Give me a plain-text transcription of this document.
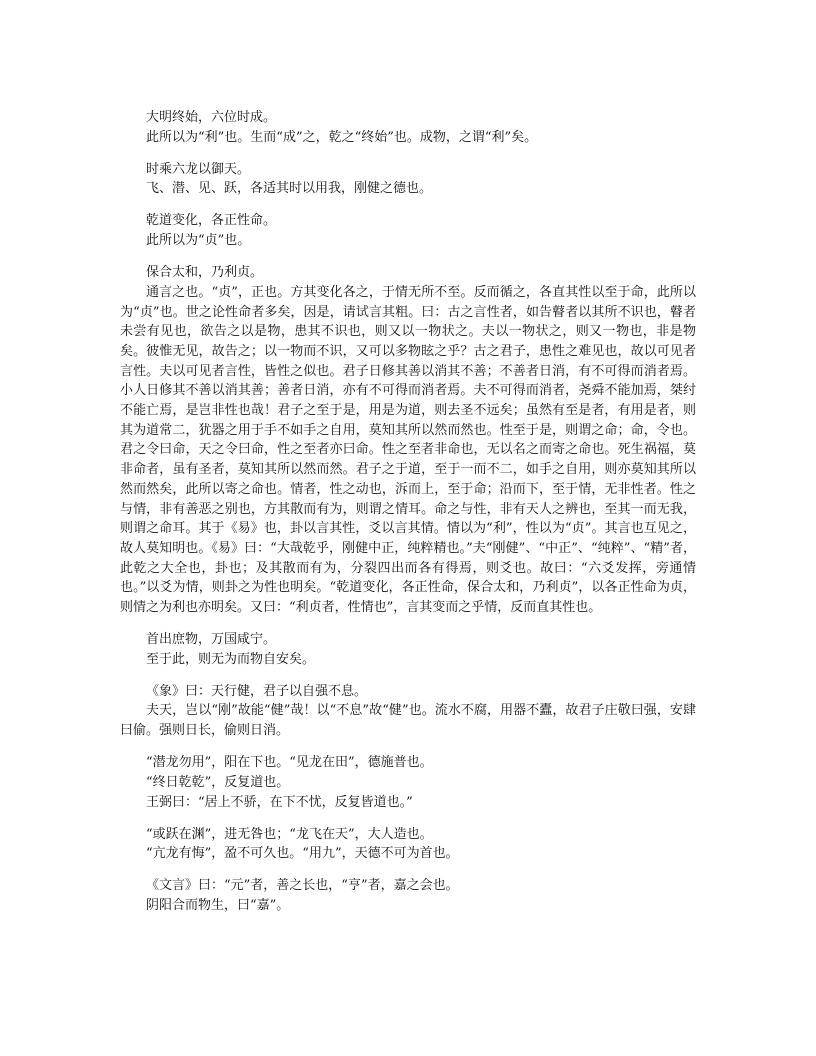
大明终始，六位时成。
此所以为“利”也。生而“成”之，乾之“终始”也。成物，之谓“利”矣。
时乘六龙以御天。
飞、潜、见、跃，各适其时以用我，刚健之德也。
乾道变化，各正性命。
此所以为“贞”也。
保合太和，乃利贞。
通言之也。“贞”，正也。方其变化各之，于情无所不至。反而循之，各直其性以至于命，此所以为“贞”也。世之论性命者多矣，因是，请试言其粗。曰：古之言性者，如告瞽者以其所不识也，瞽者未尝有见也，欲告之以是物，患其不识也，则又以一物状之。夫以一物状之，则又一物也，非是物矣。彼惟无见，故告之；以一物而不识，又可以多物眩之乎？古之君子，患性之难见也，故以可见者言性。夫以可见者言性，皆性之似也。君子日修其善以消其不善；不善者日消，有不可得而消者焉。小人日修其不善以消其善；善者日消，亦有不可得而消者焉。夫不可得而消者，尧舜不能加焉，桀纣不能亡焉，是岂非性也哉！君子之至于是，用是为道，则去圣不远矣；虽然有至是者，有用是者，则其为道常二，犹器之用于手不如手之自用，莫知其所以然而然也。性至于是，则谓之命；命，令也。君之令曰命，天之令曰命，性之至者亦曰命。性之至者非命也，无以名之而寄之命也。死生祸福，莫非命者，虽有圣者，莫知其所以然而然。君子之于道，至于一而不二，如手之自用，则亦莫知其所以然而然矣，此所以寄之命也。情者，性之动也，泝而上，至于命；沿而下，至于情，无非性者。性之与情，非有善恶之别也，方其散而有为，则谓之情耳。命之与性，非有天人之辨也，至其一而无我，则谓之命耳。其于《易》也，卦以言其性，爻以言其情。情以为“利”，性以为“贞”。其言也互见之，故人莫知明也。《易》曰：“大哉乾乎，刚健中正，纯粹精也。”夫“刚健”、“中正”、“纯粹”、“精”者，此乾之大全也，卦也；及其散而有为，分裂四出而各有得焉，则爻也。故曰：“六爻发挥，旁通情也。”以爻为情，则卦之为性也明矣。“乾道变化，各正性命，保合太和，乃利贞”，以各正性命为贞，则情之为利也亦明矣。又曰：“利贞者，性情也”，言其变而之乎情，反而直其性也。
首出庶物，万国咸宁。
至于此，则无为而物自安矣。
《象》曰：天行健，君子以自强不息。
夫天，岂以“刚”故能“健”哉！以“不息”故“健”也。流水不腐，用器不蠹，故君子庄敬曰强，安肆曰偷。强则日长，偷则日消。
“潜龙勿用”，阳在下也。“见龙在田”，德施普也。
“终日乾乾”，反复道也。
王弼曰：“居上不骄，在下不忧，反复皆道也。”
“或跃在渊”，进无咎也；“龙飞在天”，大人造也。
“亢龙有悔”，盈不可久也。“用九”，天德不可为首也。
《文言》曰：“元”者，善之长也，“亨”者，嘉之会也。
阴阳合而物生，曰“嘉”。
